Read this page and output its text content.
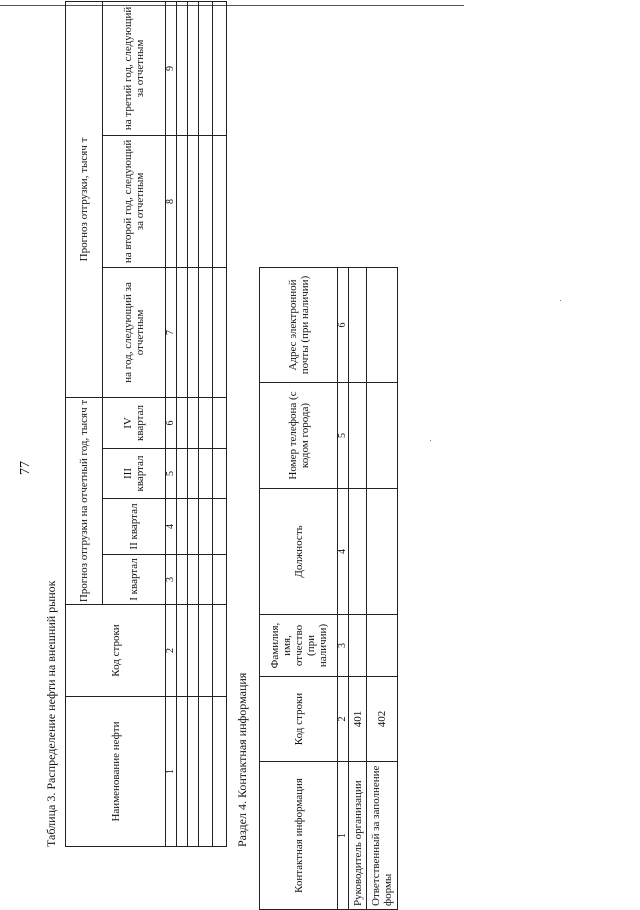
77
Таблица 3. Распределение нефти на внешний рынок	Наименование нефти	Код строки	Прогноз отгрузки на отчетный год, тысяч т				Прогноз отгрузки, тысяч т		
		I квартал	II квартал	III квартал	IV квартал	на год, следующий за отчетным	на второй год, следующий за отчетным	на третий год, следующий за отчетным
1	2	3	4	5	6	7	8	9

Раздел 4. Контактная информация	Контактная информация	Код строки	Фамилия, имя, отчество (при наличии)	Должность	Номер телефона (с кодом города)	Адрес электронной почты (при наличии)
1	2	3	4	5	6
Руководитель организации	401				
Ответственный за заполнение формы	402				
